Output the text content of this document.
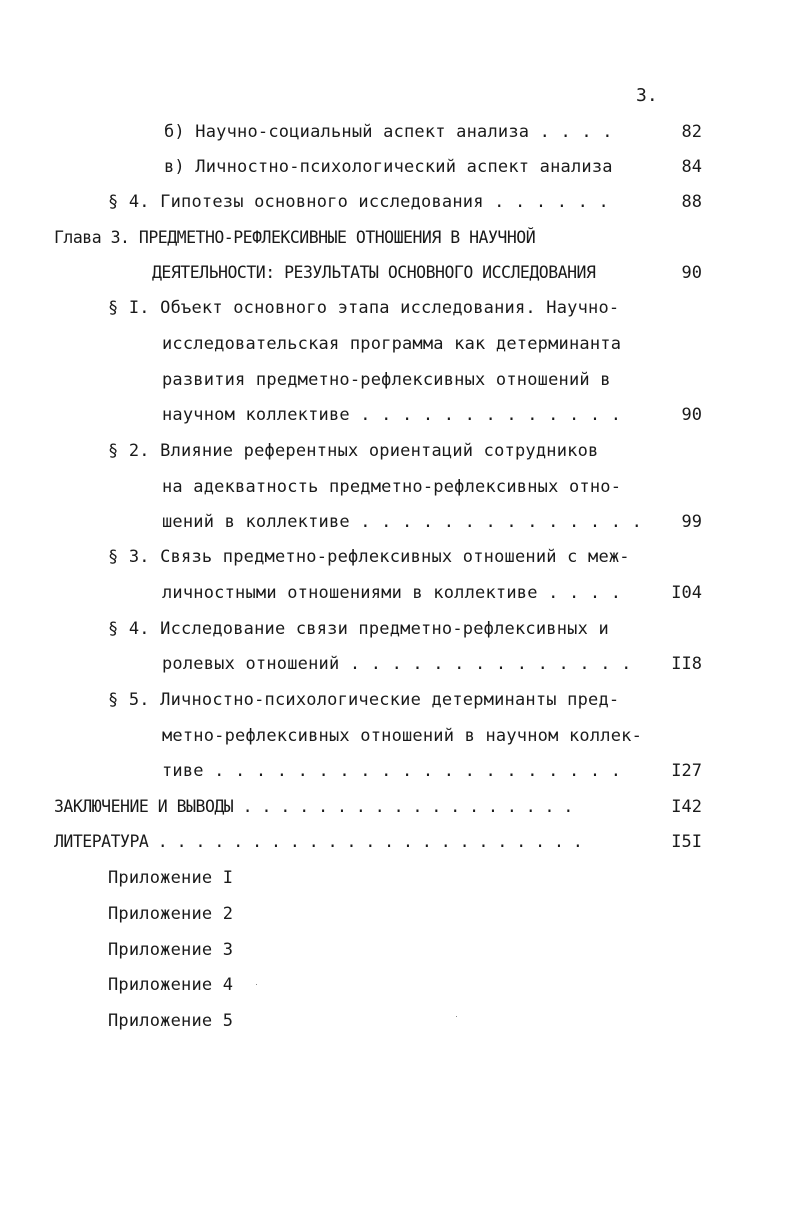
3.
б) Научно-социальный аспект анализа . . . .	82
в) Личностно-психологический аспект анализа	84
§ 4. Гипотезы основного исследования . . . . . .	88
Глава 3. ПРЕДМЕТНО-РЕФЛЕКСИВНЫЕ ОТНОШЕНИЯ В НАУЧНОЙ
ДЕЯТЕЛЬНОСТИ: РЕЗУЛЬТАТЫ ОСНОВНОГО ИССЛЕДОВАНИЯ	90
§ I. Объект основного этапа исследования. Научно-
исследовательская программа как детерминанта
развития предметно-рефлексивных отношений в
научном коллективе . . . . . . . . . . . . .	90
§ 2. Влияние референтных ориентаций сотрудников
на адекватность предметно-рефлексивных отно-
шений в коллективе . . . . . . . . . . . . . .	99
§ 3. Связь предметно-рефлексивных отношений с меж-
личностными отношениями в коллективе . . . .	I04
§ 4. Исследование связи предметно-рефлексивных и
ролевых отношений . . . . . . . . . . . . . .	II8
§ 5. Личностно-психологические детерминанты пред-
метно-рефлексивных отношений в научном коллек-
тиве . . . . . . . . . . . . . . . . . . . .	I27
ЗАКЛЮЧЕНИЕ И ВЫВОДЫ . . . . . . . . . . . . . . . . . .	I42
ЛИТЕРАТУРА . . . . . . . . . . . . . . . . . . . . . . .	I5I
Приложение I
Приложение 2
Приложение 3
Приложение 4
Приложение 5
